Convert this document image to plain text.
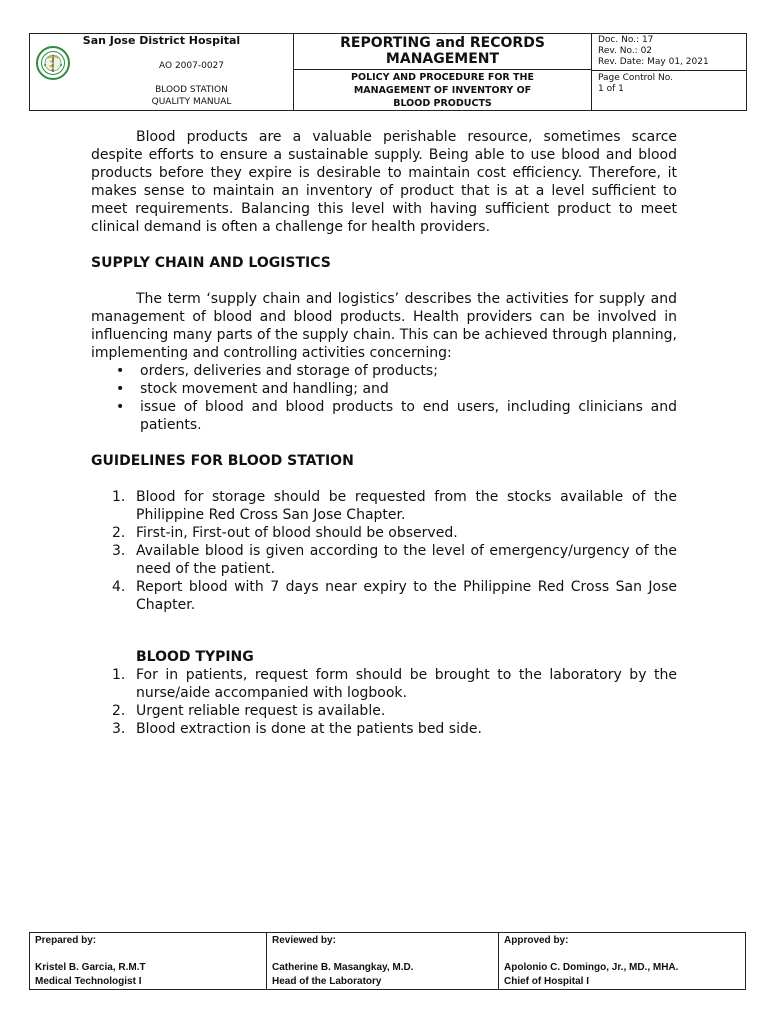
San Jose District Hospital
AO 2007-0027
BLOOD STATION
QUALITY MANUAL
REPORTING and RECORDS
MANAGEMENT
POLICY AND PROCEDURE FOR THE
MANAGEMENT OF INVENTORY OF
BLOOD PRODUCTS
Doc. No.: 17
Rev. No.: 02
Rev. Date: May 01, 2021
Page Control No.
1 of 1

Blood products are a valuable perishable resource, sometimes scarce despite efforts to ensure a sustainable supply. Being able to use blood and blood products before they expire is desirable to maintain cost efficiency. Therefore, it makes sense to maintain an inventory of product that is at a level sufficient to meet requirements. Balancing this level with having sufficient product to meet clinical demand is often a challenge for health providers.

SUPPLY CHAIN AND LOGISTICS

The term ‘supply chain and logistics’ describes the activities for supply and management of blood and blood products. Health providers can be involved in influencing many parts of the supply chain. This can be achieved through planning, implementing and controlling activities concerning:

• orders, deliveries and storage of products;
• stock movement and handling; and
• issue of blood and blood products to end users, including clinicians and patients.
GUIDELINES FOR BLOOD STATION
1. Blood for storage should be requested from the stocks available of the Philippine Red Cross San Jose Chapter.
2. First-in, First-out of blood should be observed.
3. Available blood is given according to the level of emergency/urgency of the need of the patient.
4. Report blood with 7 days near expiry to the Philippine Red Cross San Jose Chapter.
BLOOD TYPING
1. For in patients, request form should be brought to the laboratory by the nurse/aide accompanied with logbook.
2. Urgent reliable request is available.
3. Blood extraction is done at the patients bed side.
Prepared by:
Kristel B. Garcia, R.M.T
Medical Technologist I
Reviewed by:
Catherine B. Masangkay, M.D.
Head of the Laboratory
Approved by:
Apolonio C. Domingo, Jr., MD., MHA.
Chief of Hospital I
